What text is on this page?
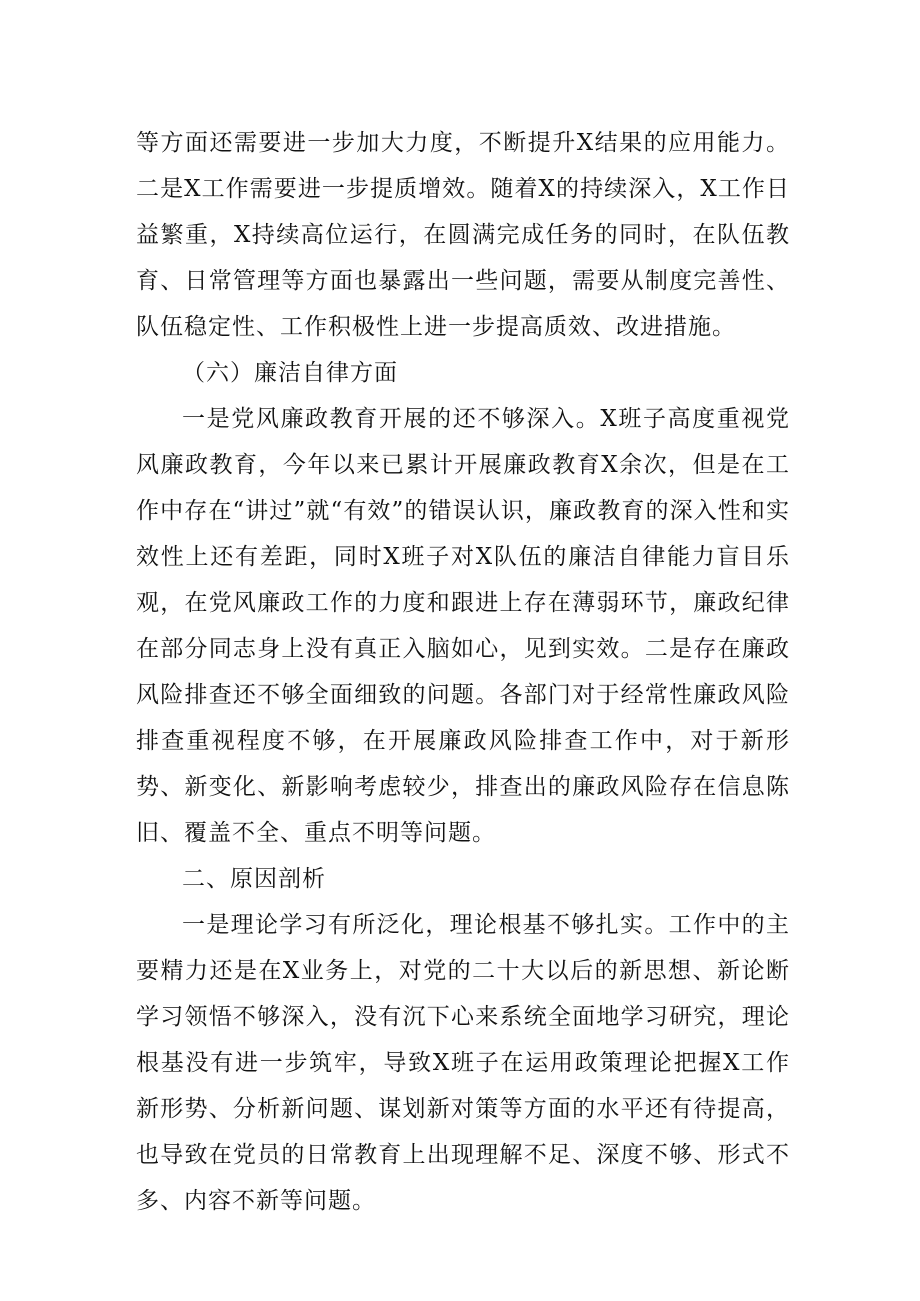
等方面还需要进一步加大力度，不断提升X结果的应用能力。二是X工作需要进一步提质增效。随着X的持续深入，X工作日益繁重，X持续高位运行，在圆满完成任务的同时，在队伍教育、日常管理等方面也暴露出一些问题，需要从制度完善性、队伍稳定性、工作积极性上进一步提高质效、改进措施。

（六）廉洁自律方面

一是党风廉政教育开展的还不够深入。X班子高度重视党风廉政教育，今年以来已累计开展廉政教育X余次，但是在工作中存在“讲过”就“有效”的错误认识，廉政教育的深入性和实效性上还有差距，同时X班子对X队伍的廉洁自律能力盲目乐观，在党风廉政工作的力度和跟进上存在薄弱环节，廉政纪律在部分同志身上没有真正入脑如心，见到实效。二是存在廉政风险排查还不够全面细致的问题。各部门对于经常性廉政风险排查重视程度不够，在开展廉政风险排查工作中，对于新形势、新变化、新影响考虑较少，排查出的廉政风险存在信息陈旧、覆盖不全、重点不明等问题。

二、原因剖析

一是理论学习有所泛化，理论根基不够扎实。工作中的主要精力还是在X业务上，对党的二十大以后的新思想、新论断学习领悟不够深入，没有沉下心来系统全面地学习研究，理论根基没有进一步筑牢，导致X班子在运用政策理论把握X工作新形势、分析新问题、谋划新对策等方面的水平还有待提高，也导致在党员的日常教育上出现理解不足、深度不够、形式不多、内容不新等问题。
